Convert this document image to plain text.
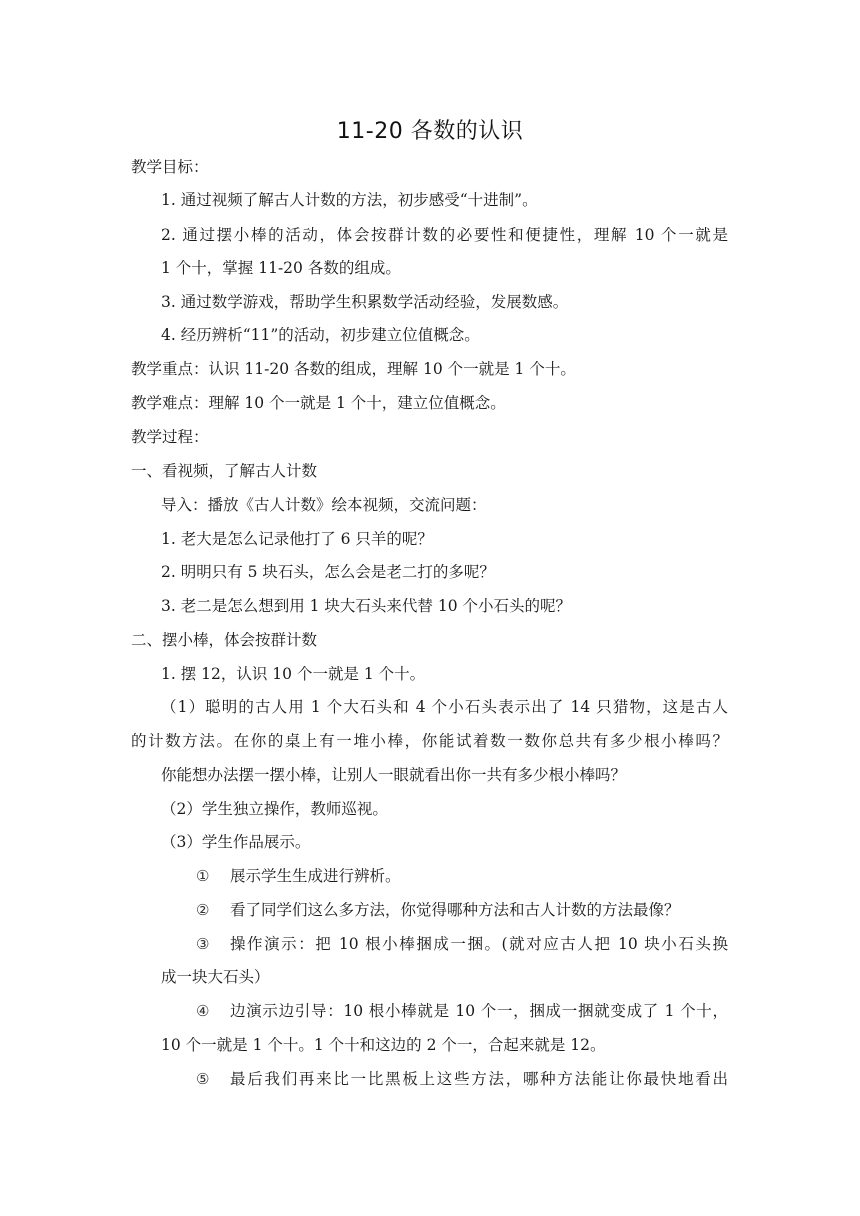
11-20 各数的认识
教学目标：
1. 通过视频了解古人计数的方法，初步感受“十进制”。
2. 通过摆小棒的活动，体会按群计数的必要性和便捷性，理解 10 个一就是
1 个十，掌握 11-20 各数的组成。
3. 通过数学游戏，帮助学生积累数学活动经验，发展数感。
4. 经历辨析“11”的活动，初步建立位值概念。
教学重点：认识 11-20 各数的组成，理解 10 个一就是 1 个十。
教学难点：理解 10 个一就是 1 个十，建立位值概念。
教学过程：
一、看视频，了解古人计数
导入：播放《古人计数》绘本视频，交流问题：
1. 老大是怎么记录他打了 6 只羊的呢？
2. 明明只有 5 块石头，怎么会是老二打的多呢？
3. 老二是怎么想到用 1 块大石头来代替 10 个小石头的呢？
二、摆小棒，体会按群计数
1. 摆 12，认识 10 个一就是 1 个十。
（1）聪明的古人用 1 个大石头和 4 个小石头表示出了 14 只猎物，这是古人
的计数方法。在你的桌上有一堆小棒，你能试着数一数你总共有多少根小棒吗？
你能想办法摆一摆小棒，让别人一眼就看出你一共有多少根小棒吗？
（2）学生独立操作，教师巡视。
（3）学生作品展示。
① 展示学生生成进行辨析。
② 看了同学们这么多方法，你觉得哪种方法和古人计数的方法最像？
③ 操作演示：把 10 根小棒捆成一捆。(就对应古人把 10 块小石头换
成一块大石头）
④ 边演示边引导：10 根小棒就是 10 个一，捆成一捆就变成了 1 个十，
10 个一就是 1 个十。1 个十和这边的 2 个一，合起来就是 12。
⑤ 最后我们再来比一比黑板上这些方法，哪种方法能让你最快地看出
